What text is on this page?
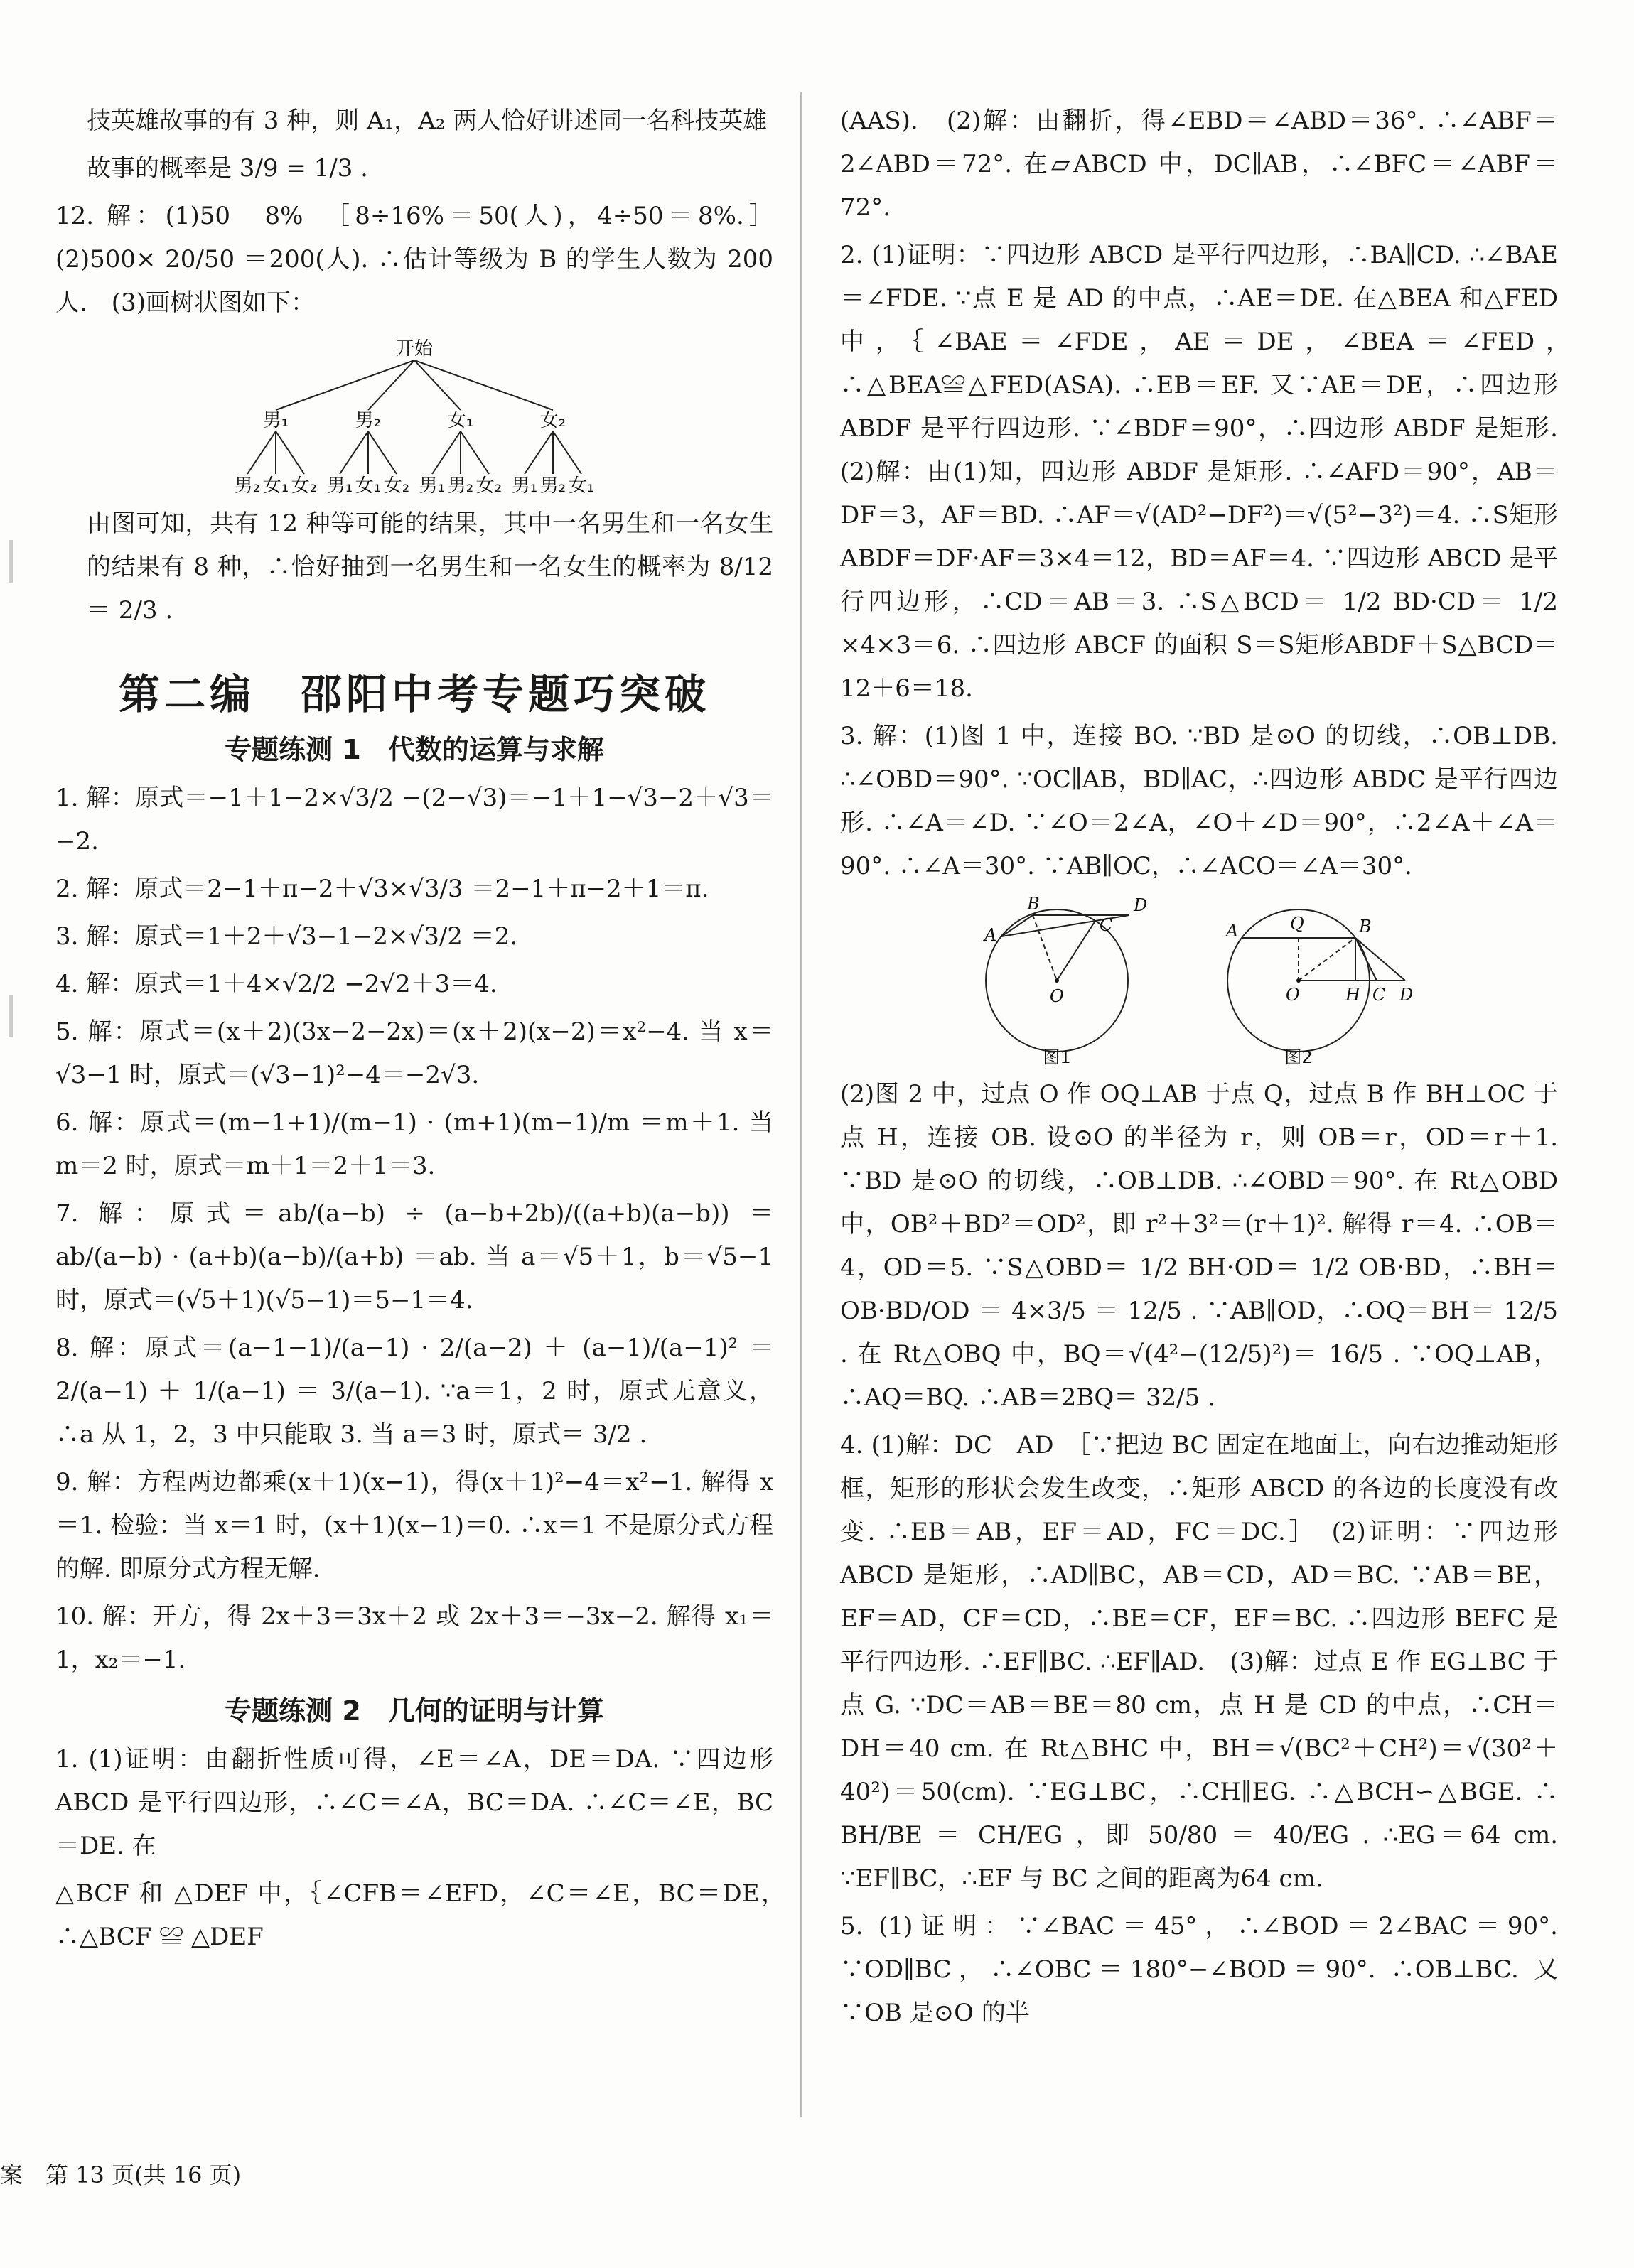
技英雄故事的有 3 种，则 A₁，A₂ 两人恰好讲述同一名科技英雄

故事的概率是 3/9 = 1/3 .

12. 解：(1)50　8%　［8÷16%＝50(人)，4÷50＝8%.］ (2)500× 20/50 ＝200(人). ∴估计等级为 B 的学生人数为 200 人.　(3)画树状图如下：

开始
男₁	男₂	女₁	女₂
男₂ 女₁ 女₂ 男₁ 女₁ 女₂ 男₁ 男₂ 女₂ 男₁ 男₂ 女₁

由图可知，共有 12 种等可能的结果，其中一名男生和一名女生的结果有 8 种，∴恰好抽到一名男生和一名女生的概率为 8/12 ＝ 2/3 .

第二编　邵阳中考专题巧突破
专题练测 1　代数的运算与求解

1. 解：原式＝−1＋1−2×√3/2 −(2−√3)＝−1＋1−√3−2＋√3＝−2.

2. 解：原式＝2−1＋π−2＋√3×√3/3 ＝2−1＋π−2＋1＝π.

3. 解：原式＝1＋2＋√3−1−2×√3/2 ＝2.

4. 解：原式＝1＋4×√2/2 −2√2＋3＝4.

5. 解：原式＝(x＋2)(3x−2−2x)＝(x＋2)(x−2)＝x²−4. 当 x＝√3−1 时，原式＝(√3−1)²−4＝−2√3.

6. 解：原式＝(m−1+1)/(m−1) · (m+1)(m−1)/m ＝m＋1. 当 m＝2 时，原式＝m＋1＝2＋1＝3.

7. 解：原式＝ab/(a−b) ÷ (a−b+2b)/((a+b)(a−b)) ＝ ab/(a−b) · (a+b)(a−b)/(a+b) ＝ab. 当 a＝√5＋1，b＝√5−1 时，原式＝(√5＋1)(√5−1)＝5−1＝4.

8. 解：原式＝(a−1−1)/(a−1) · 2/(a−2) ＋ (a−1)/(a−1)² ＝ 2/(a−1) ＋ 1/(a−1) ＝ 3/(a−1). ∵a＝1，2 时，原式无意义，∴a 从 1，2，3 中只能取 3. 当 a＝3 时，原式＝ 3/2 .

9. 解：方程两边都乘(x＋1)(x−1)，得(x＋1)²−4＝x²−1. 解得 x＝1. 检验：当 x＝1 时，(x＋1)(x−1)＝0. ∴x＝1 不是原分式方程的解. 即原分式方程无解.

10. 解：开方，得 2x＋3＝3x＋2 或 2x＋3＝−3x−2. 解得 x₁＝1，x₂＝−1.

专题练测 2　几何的证明与计算

1. (1)证明：由翻折性质可得，∠E＝∠A，DE＝DA. ∵四边形 ABCD 是平行四边形，∴∠C＝∠A，BC＝DA. ∴∠C＝∠E，BC＝DE. 在

△BCF 和 △DEF 中，｛∠CFB＝∠EFD，∠C＝∠E，BC＝DE，　∴△BCF ≌ △DEF

(AAS).　(2)解：由翻折，得∠EBD＝∠ABD＝36°. ∴∠ABF＝2∠ABD＝72°. 在▱ABCD 中，DC∥AB，∴∠BFC＝∠ABF＝72°.

2. (1)证明：∵四边形 ABCD 是平行四边形，∴BA∥CD. ∴∠BAE＝∠FDE. ∵点 E 是 AD 的中点，∴AE＝DE. 在△BEA 和△FED 中，｛∠BAE＝∠FDE，AE＝DE，∠BEA＝∠FED，　∴△BEA≌△FED(ASA). ∴EB＝EF. 又∵AE＝DE，∴四边形 ABDF 是平行四边形. ∵∠BDF＝90°，∴四边形 ABDF 是矩形.　(2)解：由(1)知，四边形 ABDF 是矩形. ∴∠AFD＝90°，AB＝DF＝3，AF＝BD. ∴AF＝√(AD²−DF²)＝√(5²−3²)＝4. ∴S矩形ABDF＝DF·AF＝3×4＝12，BD＝AF＝4. ∵四边形 ABCD 是平行四边形，∴CD＝AB＝3. ∴S△BCD＝ 1/2 BD·CD＝ 1/2 ×4×3＝6. ∴四边形 ABCF 的面积 S＝S矩形ABDF＋S△BCD＝12＋6＝18.

3. 解：(1)图 1 中，连接 BO. ∵BD 是⊙O 的切线，∴OB⊥DB. ∴∠OBD＝90°. ∵OC∥AB，BD∥AC，∴四边形 ABDC 是平行四边形. ∴∠A＝∠D. ∵∠O＝2∠A，∠O＋∠D＝90°，∴2∠A＋∠A＝90°. ∴∠A＝30°. ∵AB∥OC，∴∠ACO＝∠A＝30°.

A
B
C
D
O
A	Q	B
O	H C D
图1	图2

(2)图 2 中，过点 O 作 OQ⊥AB 于点 Q，过点 B 作 BH⊥OC 于点 H，连接 OB. 设⊙O 的半径为 r，则 OB＝r，OD＝r＋1. ∵BD 是⊙O 的切线，∴OB⊥DB. ∴∠OBD＝90°. 在 Rt△OBD 中，OB²＋BD²＝OD²，即 r²＋3²＝(r＋1)². 解得 r＝4. ∴OB＝4，OD＝5. ∵S△OBD＝ 1/2 BH·OD＝ 1/2 OB·BD，∴BH＝ OB·BD/OD ＝ 4×3/5 ＝ 12/5 . ∵AB∥OD，∴OQ＝BH＝ 12/5 . 在 Rt△OBQ 中，BQ＝√(4²−(12/5)²)＝ 16/5 . ∵OQ⊥AB，∴AQ＝BQ. ∴AB＝2BQ＝ 32/5 .

4. (1)解：DC　AD　［∵把边 BC 固定在地面上，向右边推动矩形框，矩形的形状会发生改变，∴矩形 ABCD 的各边的长度没有改变. ∴EB＝AB，EF＝AD，FC＝DC.］　(2)证明：∵四边形 ABCD 是矩形，∴AD∥BC，AB＝CD，AD＝BC. ∵AB＝BE，EF＝AD，CF＝CD，∴BE＝CF，EF＝BC. ∴四边形 BEFC 是平行四边形. ∴EF∥BC. ∴EF∥AD.　(3)解：过点 E 作 EG⊥BC 于点 G. ∵DC＝AB＝BE＝80 cm，点 H 是 CD 的中点，∴CH＝DH＝40 cm. 在 Rt△BHC 中，BH＝√(BC²＋CH²)＝√(30²＋40²)＝50(cm). ∵EG⊥BC，∴CH∥EG. ∴△BCH∽△BGE. ∴ BH/BE ＝ CH/EG ，即 50/80 ＝ 40/EG . ∴EG＝64 cm. ∵EF∥BC，∴EF 与 BC 之间的距离为64 cm.

5. (1)证明：∵∠BAC＝45°，∴∠BOD＝2∠BAC＝90°. ∵OD∥BC，∴∠OBC＝180°−∠BOD＝90°. ∴OB⊥BC. 又∵OB 是⊙O 的半

案　第 13 页(共 16 页)
